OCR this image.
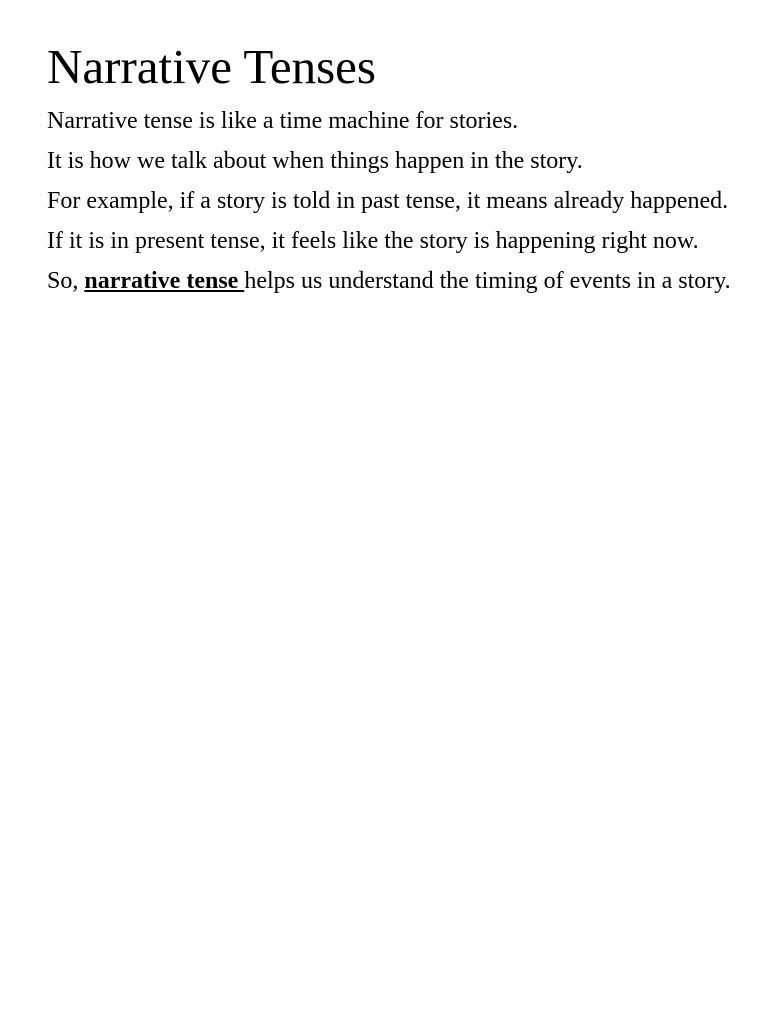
Narrative Tenses

Narrative tense is like a time machine for stories.

It is how we talk about when things happen in the story.

For example, if a story is told in past tense, it means already happened.

If it is in present tense, it feels like the story is happening right now.

So, narrative tense helps us understand the timing of events in a story.
